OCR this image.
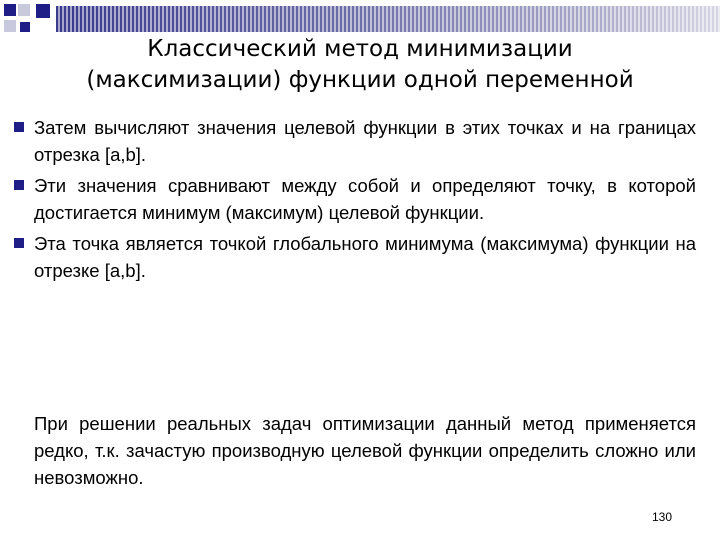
Классический метод минимизации
(максимизации) функции одной переменной
Затем вычисляют значения целевой функции в этих точках и на границах отрезка [a,b].
Эти значения сравнивают между собой и определяют точку, в которой достигается минимум (максимум) целевой функции.
Эта точка является точкой глобального минимума (максимума) функции на отрезке [a,b].

При решении реальных задач оптимизации данный метод применяется редко, т.к. зачастую производную целевой функции определить сложно или невозможно.

130
